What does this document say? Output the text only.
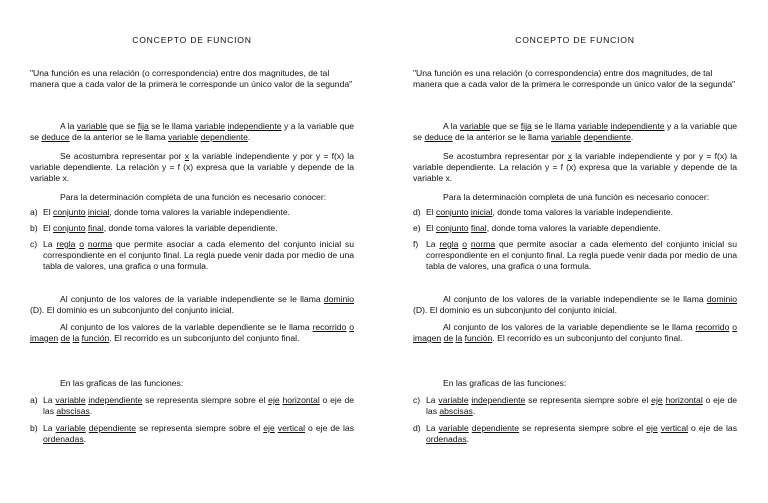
CONCEPTO DE FUNCION
"Una función es una relación (o correspondencia) entre dos magnitudes, de tal manera que a cada valor de la primera le corresponde un único valor de la segunda"
A la variable que se fija se le llama variable independiente y a la variable que se deduce de la anterior se le llama variable dependiente.
Se acostumbra representar por x la variable independiente y por y = f(x) la variable dependiente. La relación y = f (x) expresa que la variable y depende de la variable x.
Para la determinación completa de una función es necesario conocer:
a) El conjunto inicial, donde toma valores la variable independiente.
b) El conjunto final, donde toma valores la variable dependiente.
c) La regla o norma que permite asociar a cada elemento del conjunto inicial su correspondiente en el conjunto final. La regla puede venir dada por medio de una tabla de valores, una grafica o una formula.
Al conjunto de los valores de la variable independiente se le llama dominio (D). El dominio es un subconjunto del conjunto inicial.
Al conjunto de los valores de la variable dependiente se le llama recorrido o imagen de la función. El recorrido es un subconjunto del conjunto final.
En las graficas de las funciones:
a) La variable independiente se representa siempre sobre el eje horizontal o eje de las abscisas.
b) La variable dependiente se representa siempre sobre el eje vertical o eje de las ordenadas.
CONCEPTO DE FUNCION
"Una función es una relación (o correspondencia) entre dos magnitudes, de tal manera que a cada valor de la primera le corresponde un único valor de la segunda"
A la variable que se fija se le llama variable independiente y a la variable que se deduce de la anterior se le llama variable dependiente.
Se acostumbra representar por x la variable independiente y por y = f(x) la variable dependiente. La relación y = f (x) expresa que la variable y depende de la variable x.
Para la determinación completa de una función es necesario conocer:
d) El conjunto inicial, donde toma valores la variable independiente.
e) El conjunto final, donde toma valores la variable dependiente.
f) La regla o norma que permite asociar a cada elemento del conjunto inicial su correspondiente en el conjunto final. La regla puede venir dada por medio de una tabla de valores, una grafica o una formula.
Al conjunto de los valores de la variable independiente se le llama dominio (D). El dominio es un subconjunto del conjunto inicial.
Al conjunto de los valores de la variable dependiente se le llama recorrido o imagen de la función. El recorrido es un subconjunto del conjunto final.
En las graficas de las funciones:
c) La variable independiente se representa siempre sobre el eje horizontal o eje de las abscisas.
d) La variable dependiente se representa siempre sobre el eje vertical o eje de las ordenadas.
